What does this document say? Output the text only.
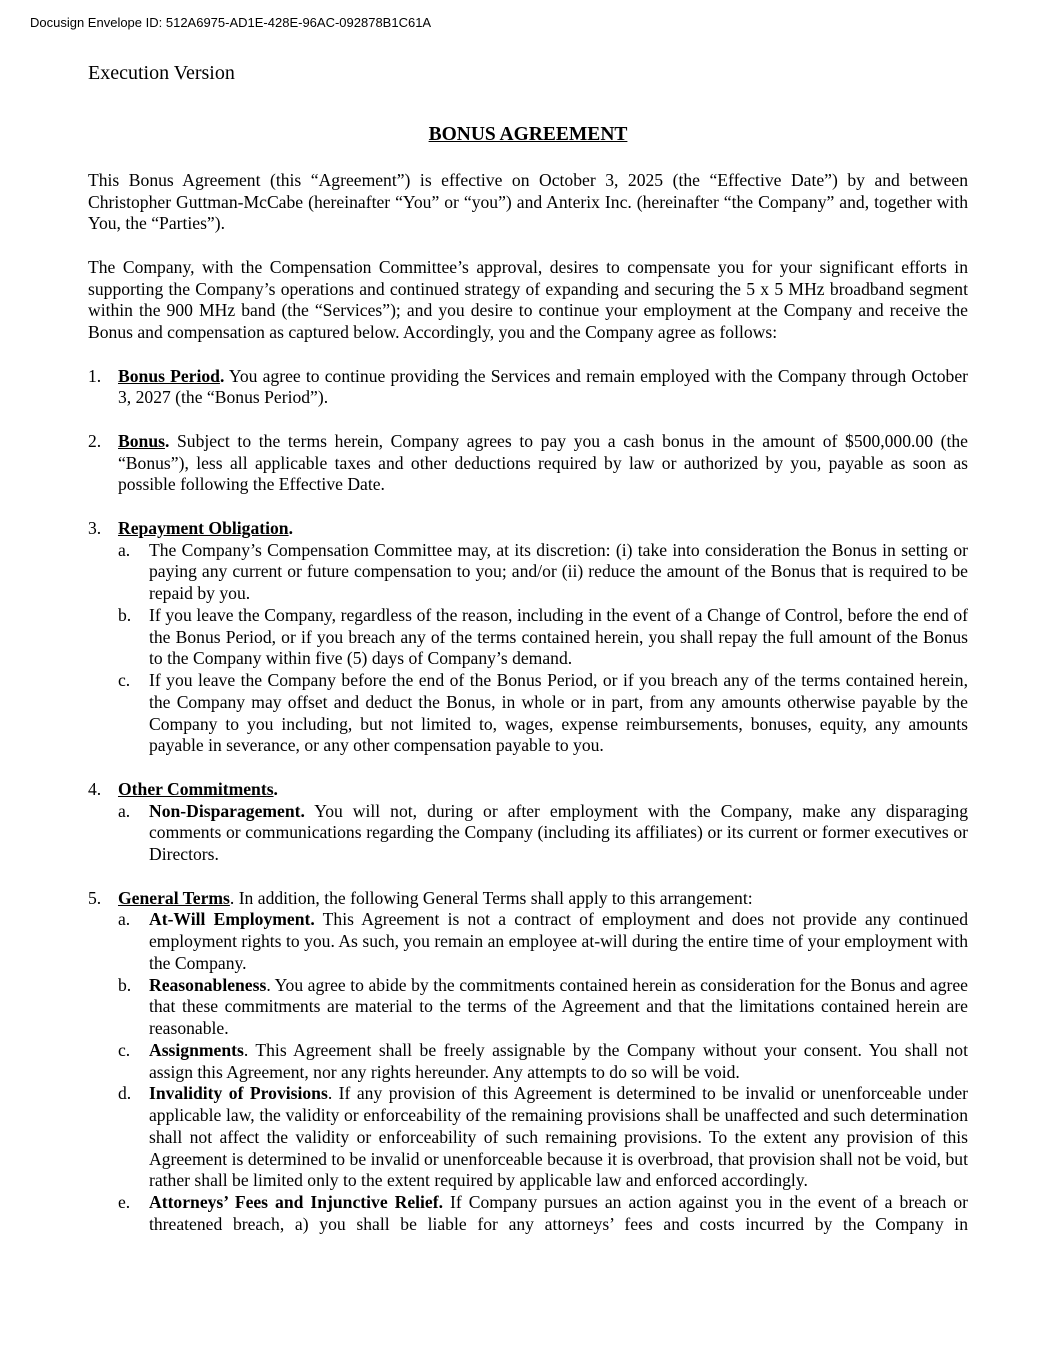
Docusign Envelope ID: 512A6975-AD1E-428E-96AC-092878B1C61A
Execution Version
BONUS AGREEMENT

This Bonus Agreement (this “Agreement”) is effective on October 3, 2025 (the “Effective Date”) by and between Christopher Guttman-McCabe (hereinafter “You” or “you”) and Anterix Inc. (hereinafter “the Company” and, together with You, the “Parties”).

The Company, with the Compensation Committee’s approval, desires to compensate you for your significant efforts in supporting the Company’s operations and continued strategy of expanding and securing the 5 x 5 MHz broadband segment within the 900 MHz band (the “Services”); and you desire to continue your employment at the Company and receive the Bonus and compensation as captured below. Accordingly, you and the Company agree as follows:

1. Bonus Period. You agree to continue providing the Services and remain employed with the Company through October 3, 2027 (the “Bonus Period”).
2. Bonus. Subject to the terms herein, Company agrees to pay you a cash bonus in the amount of $500,000.00 (the “Bonus”), less all applicable taxes and other deductions required by law or authorized by you, payable as soon as possible following the Effective Date.
3. Repayment Obligation.
a. The Company’s Compensation Committee may, at its discretion: (i) take into consideration the Bonus in setting or paying any current or future compensation to you; and/or (ii) reduce the amount of the Bonus that is required to be repaid by you.
b. If you leave the Company, regardless of the reason, including in the event of a Change of Control, before the end of the Bonus Period, or if you breach any of the terms contained herein, you shall repay the full amount of the Bonus to the Company within five (5) days of Company’s demand.
c. If you leave the Company before the end of the Bonus Period, or if you breach any of the terms contained herein, the Company may offset and deduct the Bonus, in whole or in part, from any amounts otherwise payable by the Company to you including, but not limited to, wages, expense reimbursements, bonuses, equity, any amounts payable in severance, or any other compensation payable to you.
4. Other Commitments.
a. Non-Disparagement. You will not, during or after employment with the Company, make any disparaging comments or communications regarding the Company (including its affiliates) or its current or former executives or Directors.
5. General Terms. In addition, the following General Terms shall apply to this arrangement:
a. At-Will Employment. This Agreement is not a contract of employment and does not provide any continued employment rights to you. As such, you remain an employee at-will during the entire time of your employment with the Company.
b. Reasonableness. You agree to abide by the commitments contained herein as consideration for the Bonus and agree that these commitments are material to the terms of the Agreement and that the limitations contained herein are reasonable.
c. Assignments. This Agreement shall be freely assignable by the Company without your consent. You shall not assign this Agreement, nor any rights hereunder. Any attempts to do so will be void.
d. Invalidity of Provisions. If any provision of this Agreement is determined to be invalid or unenforceable under applicable law, the validity or enforceability of the remaining provisions shall be unaffected and such determination shall not affect the validity or enforceability of such remaining provisions. To the extent any provision of this Agreement is determined to be invalid or unenforceable because it is overbroad, that provision shall not be void, but rather shall be limited only to the extent required by applicable law and enforced accordingly.
e. Attorneys’ Fees and Injunctive Relief. If Company pursues an action against you in the event of a breach or threatened breach, a) you shall be liable for any attorneys’ fees and costs incurred by the Company in
